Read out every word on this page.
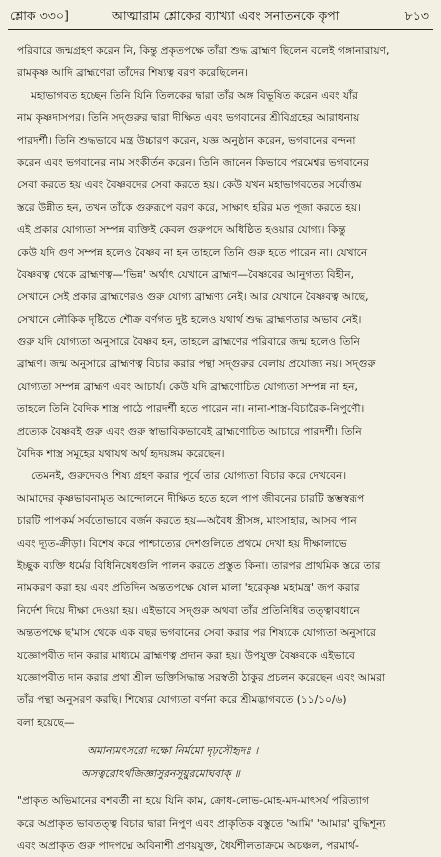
শ্লোক ৩৩০]	আত্মারাম শ্লোকের ব্যাখ্যা এবং সনাতনকে কৃপা	৮১৩
পরিবারে জন্মগ্রহণ করেন নি, কিন্তু প্রকৃতপক্ষে তাঁরা শুদ্ধ ব্রাহ্মণ ছিলেন বলেই গঙ্গানারায়ণ,
রামকৃষ্ণ আদি ব্রাহ্মণেরা তাঁদের শিষ্যত্ব বরণ করেছিলেন।
মহাভাগবত হচ্ছেন তিনি যিনি তিলকের দ্বারা তাঁর অঙ্গ বিভূষিত করেন এবং যাঁর
নাম কৃষ্ণদাসপর। তিনি সদ্গুরুর দ্বারা দীক্ষিত এবং ভগবানের শ্রীবিগ্রহের আরাধনায়
পারদর্শী। তিনি শুদ্ধভাবে মন্ত্র উচ্চারণ করেন, যজ্ঞ অনুষ্ঠান করেন, ভগবানের বন্দনা
করেন এবং ভগবানের নাম সংকীর্তন করেন। তিনি জানেন কিভাবে পরমেশ্বর ভগবানের
সেবা করতে হয় এবং বৈষ্ণবদের সেবা করতে হয়। কেউ যখন মহাভাগবতের সর্বোত্তম
স্তরে উন্নীত হন, তখন তাঁকে গুরুরূপে বরণ করে, সাক্ষাৎ হরির মত পূজা করতে হয়।
এই প্রকার যোগ্যতা সম্পন্ন ব্যক্তিই কেবল গুরুপদে অধিষ্ঠিত হওয়ার যোগ্য। কিন্তু
কেউ যদি গুণ সম্পন্ন হলেও বৈষ্ণব না হন তাহলে তিনি গুরু হতে পারেন না। যেখানে
বৈষ্ণবত্ব থেকে ব্রাহ্মণত্ব—'ভিন্ন' অর্থাৎ যেখানে ব্রাহ্মণ—বৈষ্ণবের আনুগত্য বিহীন,
সেখানে সেই প্রকার ব্রাহ্মণেরও গুরু যোগ্য ব্রাহ্মণ্য নেই। আর যেখানে বৈষ্ণবত্ব আছে,
সেখানে লৌকিক দৃষ্টিতে শৌক্র বর্ণগত দুষ্ট হলেও যথার্থ শুদ্ধ ব্রাহ্মণতার অভাব নেই।
গুরু যদি যোগ্যতা অনুসারে বৈষ্ণব হন, তাহলে ব্রাহ্মণের পরিবারে জন্ম হলেও তিনি
ব্রাহ্মণ। জন্ম অনুসারে ব্রাহ্মণত্ব বিচার করার পন্থা সদ্গুরুর বেলায় প্রযোজ্য নয়। সদ্গুরু
যোগ্যতা সম্পন্ন ব্রাহ্মণ এবং আচার্য। কেউ যদি ব্রাহ্মণোচিত যোগ্যতা সম্পন্ন না হন,
তাহলে তিনি বৈদিক শাস্ত্র পাঠে পারদর্শী হতে পারেন না। নানা-শাস্ত্র-বিচারৈক-নিপুণৌ।
প্রত্যেক বৈষ্ণবই গুরু এবং গুরু স্বাভাবিকভাবেই ব্রাহ্মণোচিত আচারে পারদর্শী। তিনি
বৈদিক শাস্ত্র সমূহের যথাযথ অর্থ হৃদয়ঙ্গম করেছেন।
তেমনই, গুরুদেবও শিষ্য গ্রহণ করার পূর্বে তার যোগ্যতা বিচার করে দেখবেন।
আমাদের কৃষ্ণভাবনামৃত আন্দোলনে দীক্ষিত হতে হলে পাপ জীবনের চারটি স্তম্ভস্বরূপ
চারটি পাপকর্ম সর্বতোভাবে বর্জন করতে হয়—অবৈধ স্ত্রীসঙ্গ, মাংসাহার, আসব পান
এবং দ্যূত-ক্রীড়া। বিশেষ করে পাশ্চাত্যের দেশগুলিতে প্রথমে দেখা হয় দীক্ষালাভে
ইচ্ছুক ব্যক্তি ধর্মের বিধিনিষেধগুলি পালন করতে প্রস্তুত কিনা। তারপর প্রাথমিক স্তরে তার
নামকরণ করা হয় এবং প্রতিদিন অন্ততপক্ষে ষোল মালা 'হরেকৃষ্ণ মহামন্ত্র' জপ করার
নির্দেশ দিয়ে দীক্ষা দেওয়া হয়। এইভাবে সদ্গুরু অথবা তাঁর প্রতিনিধির তত্ত্বাবধানে
অন্ততপক্ষে ছ'মাস থেকে এক বছর ভগবানের সেবা করার পর শিষ্যকে যোগ্যতা অনুসারে
যজ্ঞোপবীত দান করার মাধ্যমে ব্রাহ্মণত্ব প্রদান করা হয়। উপযুক্ত বৈষ্ণবকে এইভাবে
যজ্ঞোপবীত দান করার প্রথা শ্রীল ভক্তিসিদ্ধান্ত সরস্বতী ঠাকুর প্রচলন করেছেন এবং আমরা
তাঁর পন্থা অনুসরণ করছি। শিষ্যের যোগ্যতা বর্ণনা করে শ্রীমদ্ভাগবতে (১১/১০/৬)
বলা হয়েছে—
অমান্যমৎসরো দক্ষো নির্মমো দৃঢ়সৌহৃদঃ ।
অসত্বরোঽর্থজিজ্ঞাসুরনসূয়ুরমোঘবাক্ ॥
"প্রাকৃত অভিমানের বশবর্তী না হয়ে যিনি কাম, ক্রোধ-লোভ-মোহ-মদ-মাৎসর্য পরিত্যাগ
করে অপ্রাকৃত ভাবতত্ত্ব বিচার দ্বারা নিপুণ এবং প্রাকৃতিক বস্তুতে 'আমি' 'আমার' বুদ্ধিশূন্য
এবং অপ্রাকৃত গুরু পাদপদ্মে অবিনাশী প্রণয়যুক্ত, ধৈর্যশীলতাক্রমে অচঞ্চল, পরমার্থ-
